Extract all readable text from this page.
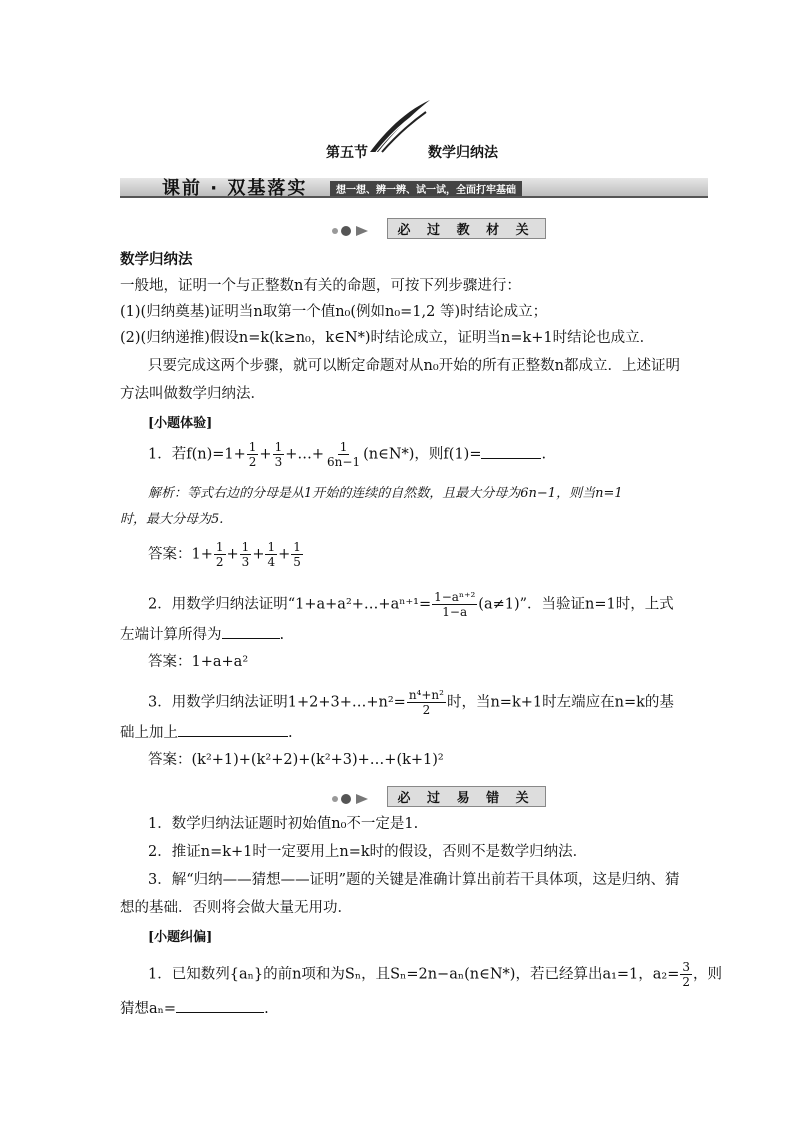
第五节	数学归纳法
课前 · 双基落实	想一想、辨一辨、试一试，全面打牢基础
必 过 教 材 关
数学归纳法
一般地，证明一个与正整数n有关的命题，可按下列步骤进行：
(1)(归纳奠基)证明当n取第一个值n₀(例如n₀=1,2 等)时结论成立；
(2)(归纳递推)假设n=k(k≥n₀，k∈N*)时结论成立，证明当n=k+1时结论也成立．
只要完成这两个步骤，就可以断定命题对从n₀开始的所有正整数n都成立．上述证明
方法叫做数学归纳法．
[小题体验]
1．若$f(n)=1+ \frac{1}{2} + \frac{1}{3}$ +…+ $\frac{1}{6n-1}$ (n∈N*)，则f(1)=	.
解析：等式右边的分母是从1开始的连续的自然数，且最大分母为6n−1，则当n=1
时，最大分母为5.
答案：$1+ \frac{1}{2} + \frac{1}{3} + \frac{1}{4} + \frac{1}{5}$
2．用数学归纳法证明“1+a+a²+…+aⁿ⁺¹= $\frac{\text{1−aⁿ⁺²}}{1-a} (a\ne 1)$”．当验证n=1时，上式
左端计算所得为	.
答案：1+a+a²
3．用数学归纳法证明1+2+3+…+n²= $\frac{\text{n⁴+n²}}{2}$ 时，当n=k+1时左端应在n=k的基
础上加上	.
答案：(k²+1)+(k²+2)+(k²+3)+…+(k+1)²
必 过 易 错 关
1．数学归纳法证题时初始值n₀不一定是1.
2．推证n=k+1时一定要用上n=k时的假设，否则不是数学归纳法．
3．解“归纳——猜想——证明”题的关键是准确计算出前若干具体项，这是归纳、猜
想的基础．否则将会做大量无用功．
[小题纠偏]
1．已知数列{aₙ}的前n项和为Sₙ，且Sₙ=2n−aₙ(n∈N*)，若已经算出a₁=1，$a_2= \frac{3}{2}$ ，则
猜想aₙ=	.
